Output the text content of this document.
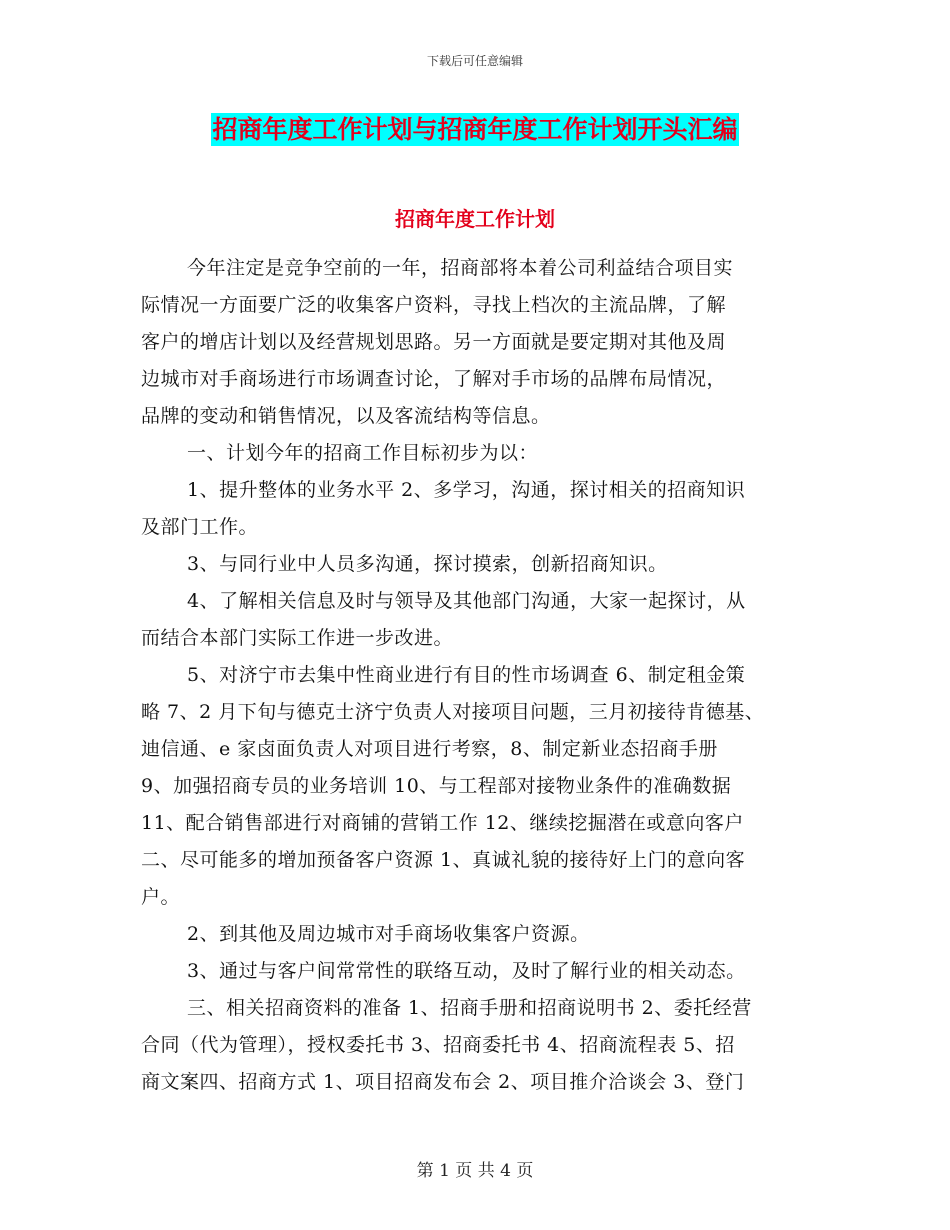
下载后可任意编辑
招商年度工作计划与招商年度工作计划开头汇编
招商年度工作计划

今年注定是竞争空前的一年，招商部将本着公司利益结合项目实

际情况一方面要广泛的收集客户资料，寻找上档次的主流品牌，了解

客户的增店计划以及经营规划思路。另一方面就是要定期对其他及周

边城市对手商场进行市场调查讨论，了解对手市场的品牌布局情况，

品牌的变动和销售情况，以及客流结构等信息。

一、计划今年的招商工作目标初步为以：

1、提升整体的业务水平 2、多学习，沟通，探讨相关的招商知识

及部门工作。

3、与同行业中人员多沟通，探讨摸索，创新招商知识。

4、了解相关信息及时与领导及其他部门沟通，大家一起探讨，从

而结合本部门实际工作进一步改进。

5、对济宁市去集中性商业进行有目的性市场调查 6、制定租金策

略 7、2 月下旬与德克士济宁负责人对接项目问题，三月初接待肯德基、

迪信通、e 家卤面负责人对项目进行考察，8、制定新业态招商手册

9、加强招商专员的业务培训 10、与工程部对接物业条件的准确数据

11、配合销售部进行对商铺的营销工作 12、继续挖掘潜在或意向客户

二、尽可能多的增加预备客户资源 1、真诚礼貌的接待好上门的意向客

户。

2、到其他及周边城市对手商场收集客户资源。

3、通过与客户间常常性的联络互动，及时了解行业的相关动态。

三、相关招商资料的准备 1、招商手册和招商说明书 2、委托经营

合同（代为管理），授权委托书 3、招商委托书 4、招商流程表 5、招

商文案四、招商方式 1、项目招商发布会 2、项目推介洽谈会 3、登门

第 1 页 共 4 页
